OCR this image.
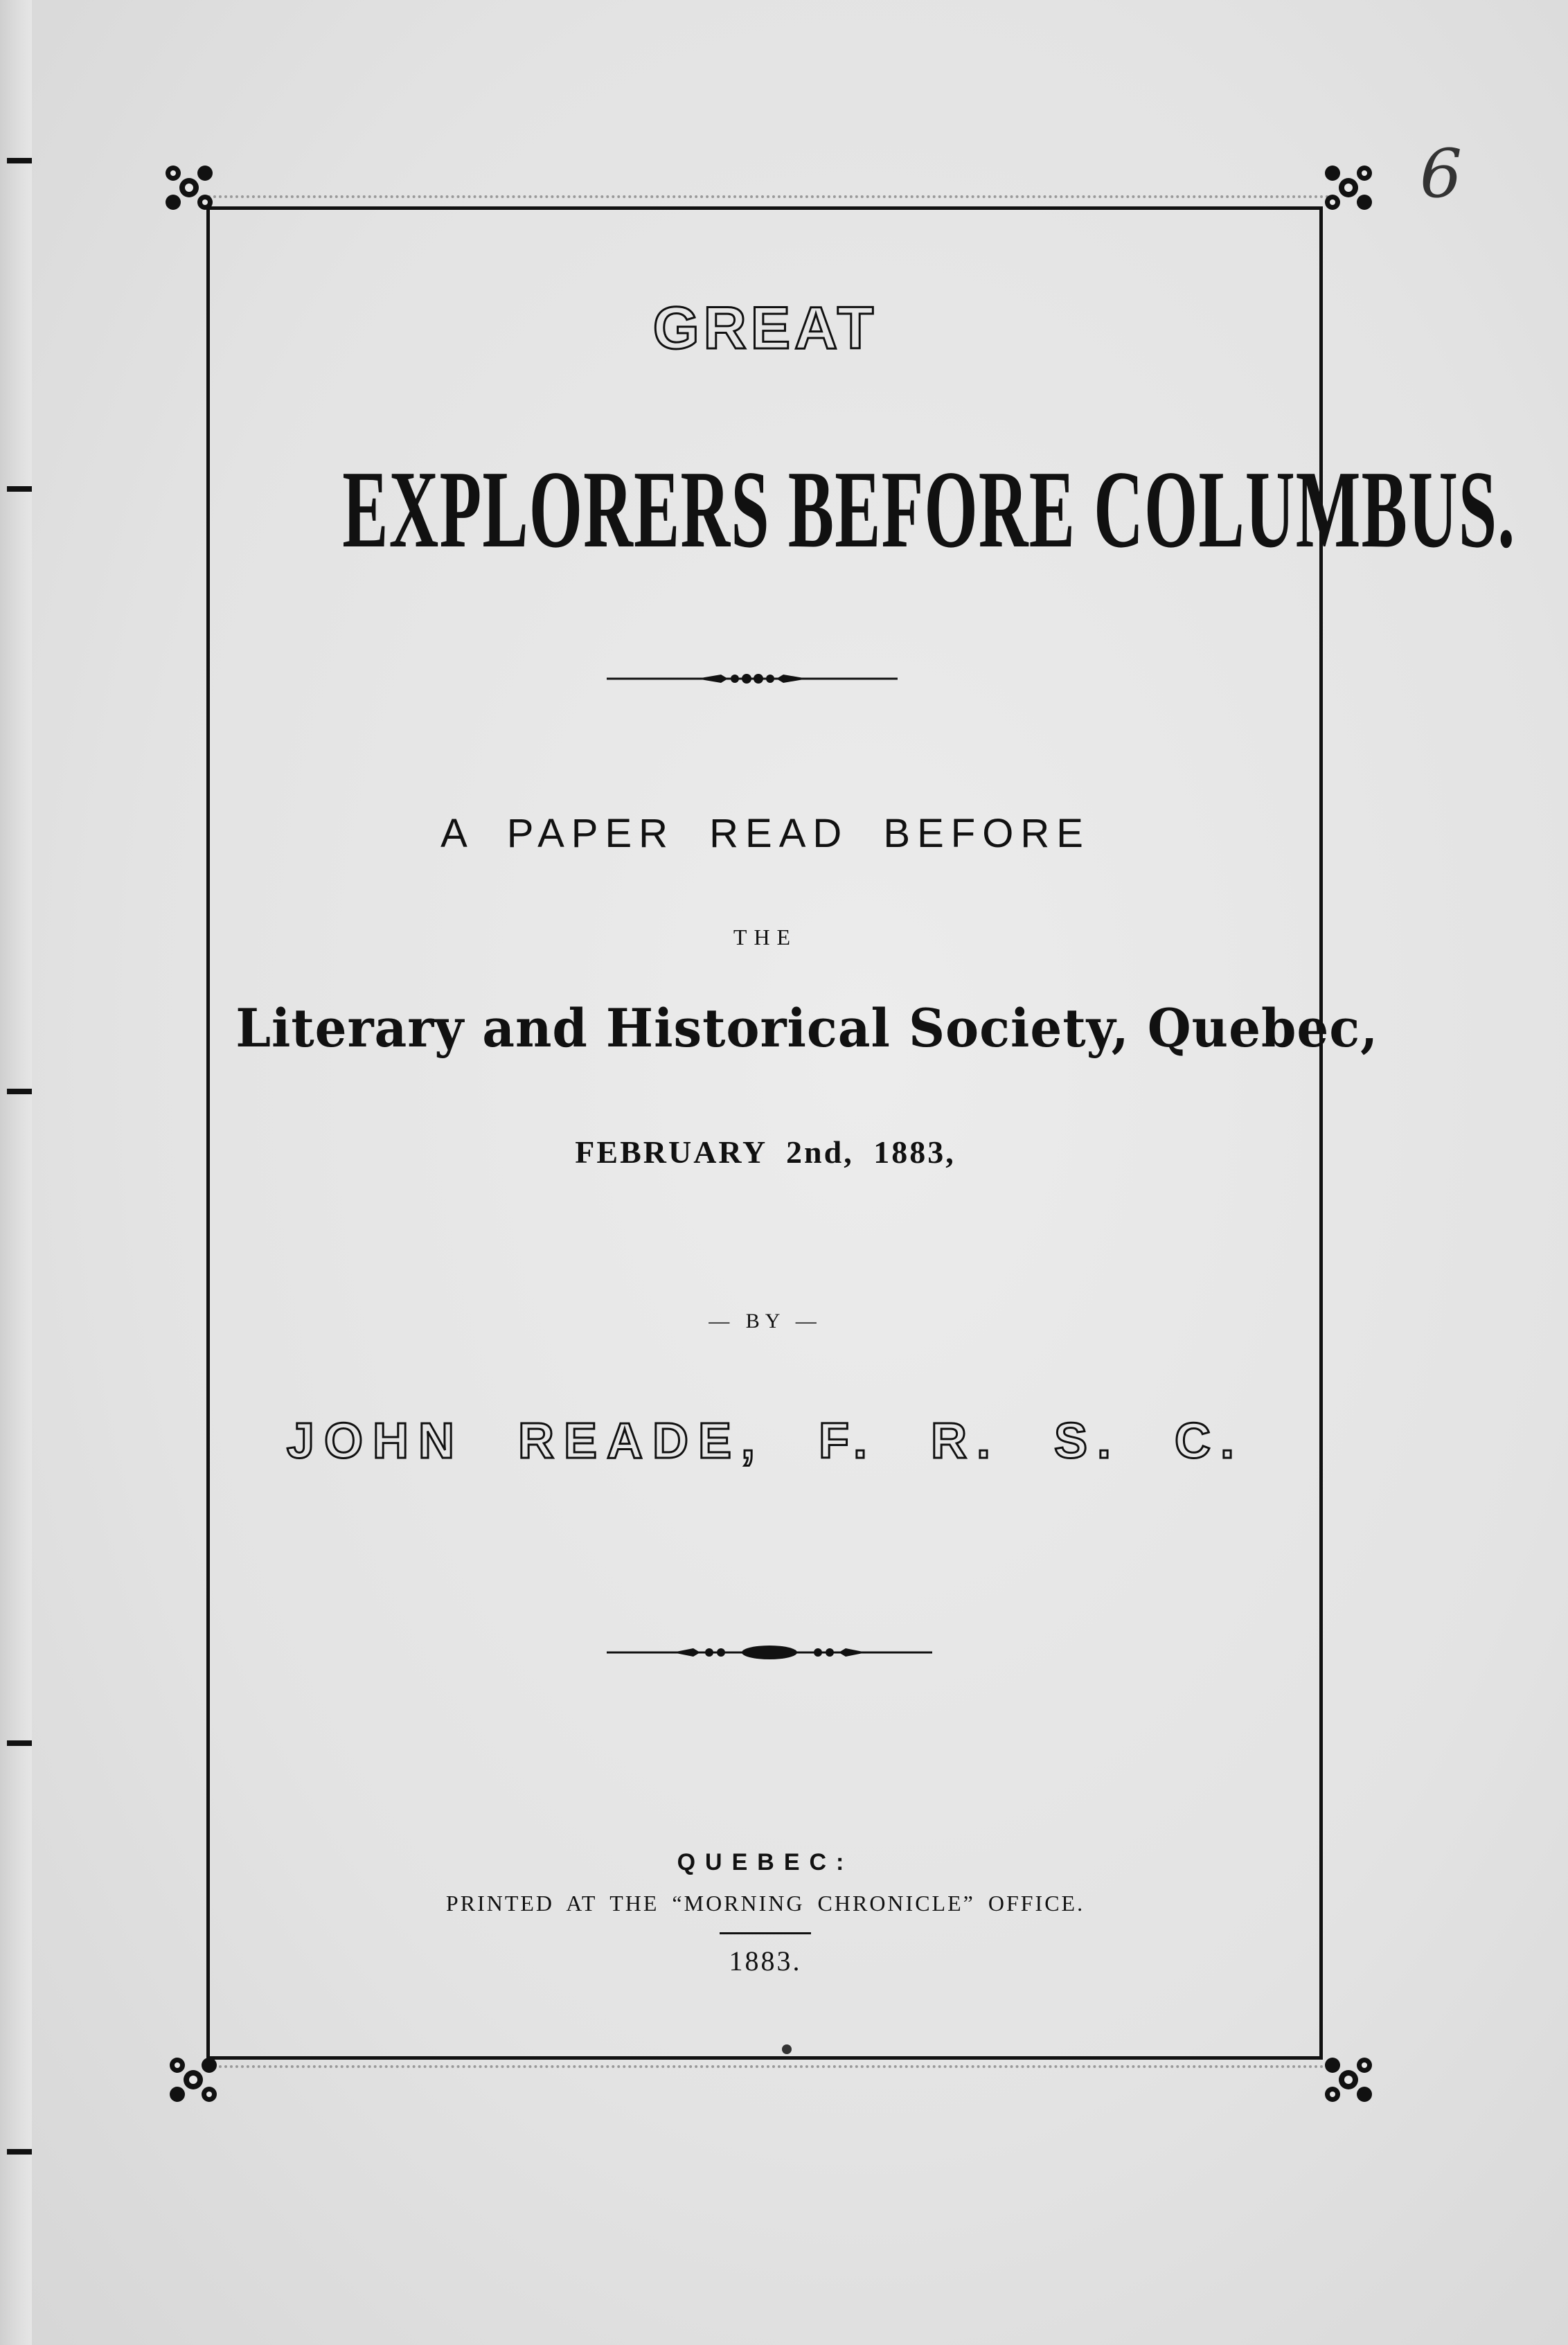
6
GREAT
EXPLORERS BEFORE COLUMBUS.
A PAPER READ BEFORE
THE
Literary and Historical Society, Quebec,
FEBRUARY 2nd, 1883,
— BY —
JOHN READE, F. R. S. C.
QUEBEC:
PRINTED AT THE “MORNING CHRONICLE” OFFICE.
1883.
